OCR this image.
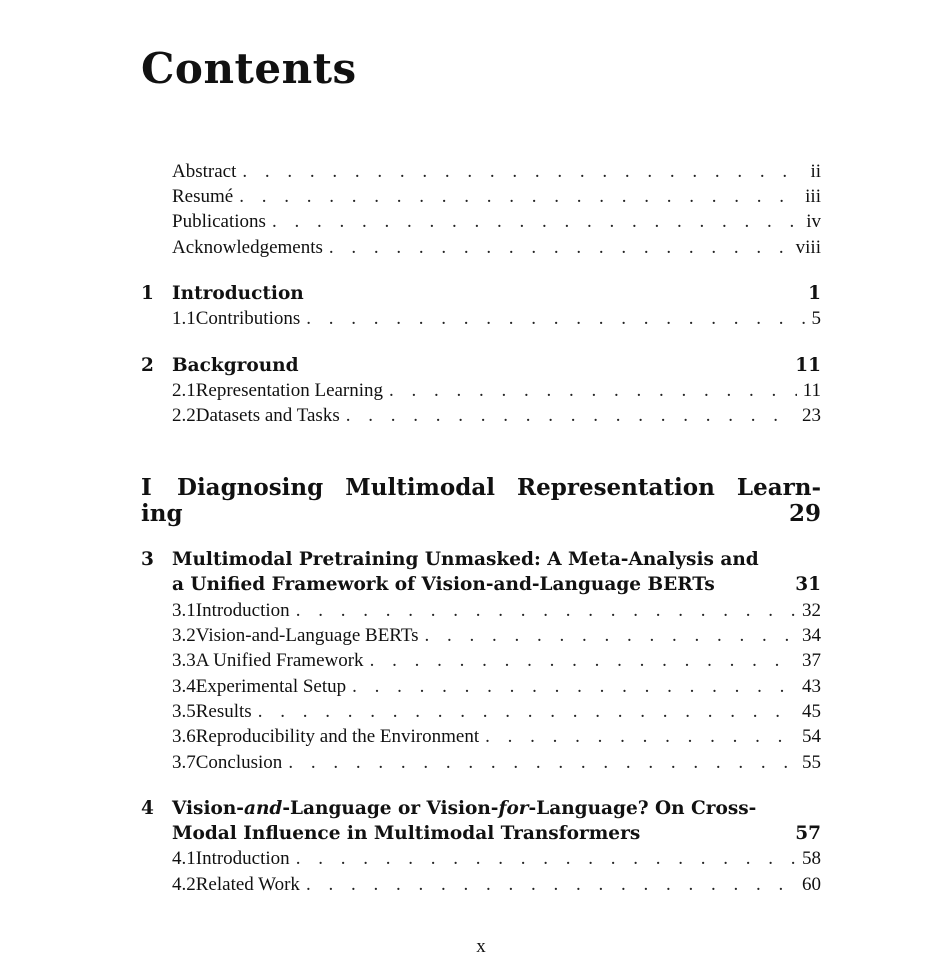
Contents
Abstract . . .	ii
Resumé . . .	iii
Publications . . .	iv
Acknowledgements . . .	viii
1 Introduction	1
1.1 Contributions . . .	5
2 Background	11
2.1 Representation Learning . . .	11
2.2 Datasets and Tasks . . .	23
I	Diagnosing Multimodal Representation Learn-
ing	29
3 Multimodal Pretraining Unmasked: A Meta-Analysis and
a Unified Framework of Vision-and-Language BERTs	31
3.1 Introduction . . .	32
3.2 Vision-and-Language BERTs . . .	34
3.3 A Unified Framework . . .	37
3.4 Experimental Setup . . .	43
3.5 Results . . .	45
3.6 Reproducibility and the Environment . . .	54
3.7 Conclusion . . .	55
4 Vision-and-Language or Vision-for-Language? On Cross-
Modal Influence in Multimodal Transformers	57
4.1 Introduction . . .	58
4.2 Related Work . . .	60
x
